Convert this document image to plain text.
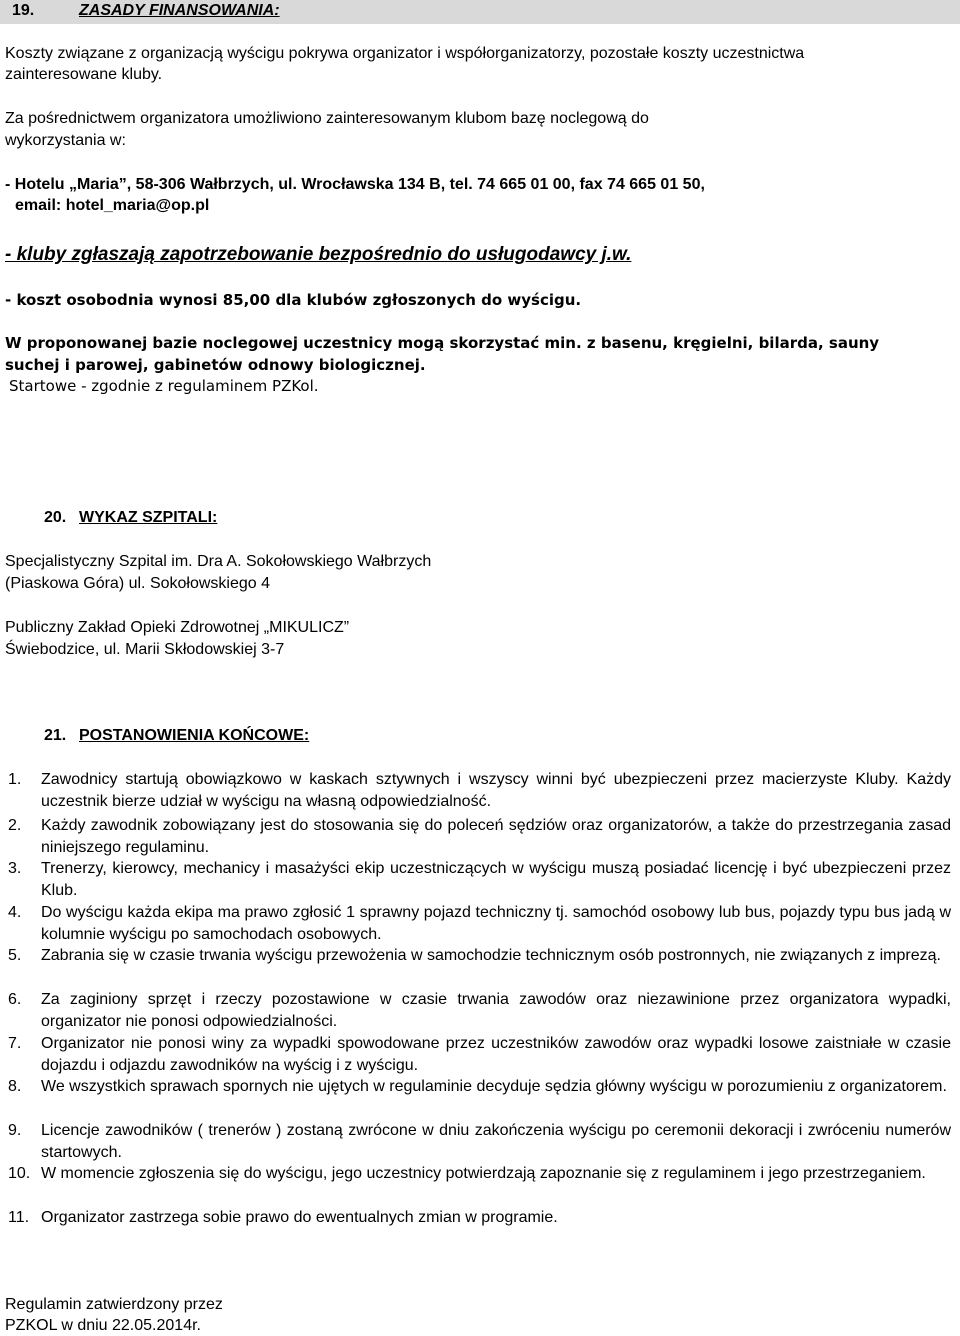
19.	ZASADY FINANSOWANIA:
Koszty związane z organizacją wyścigu pokrywa organizator i współorganizatorzy, pozostałe koszty uczestnictwa
zainteresowane kluby.
Za pośrednictwem organizatora umożliwiono zainteresowanym klubom bazę noclegową do
wykorzystania w:
- Hotelu „Maria”, 58-306 Wałbrzych, ul. Wrocławska 134 B, tel. 74 665 01 00, fax 74 665 01 50,
email: hotel_maria@op.pl
- kluby zgłaszają zapotrzebowanie bezpośrednio do usługodawcy j.w.
- koszt osobodnia wynosi 85,00 dla klubów zgłoszonych do wyścigu.
W proponowanej bazie noclegowej uczestnicy mogą skorzystać min. z basenu, kręgielni, bilarda, sauny
suchej i parowej, gabinetów odnowy biologicznej.
Startowe - zgodnie z regulaminem PZKol.
20. WYKAZ SZPITALI:
Specjalistyczny Szpital im. Dra A. Sokołowskiego Wałbrzych
(Piaskowa Góra) ul. Sokołowskiego 4
Publiczny Zakład Opieki Zdrowotnej „MIKULICZ”
Świebodzice, ul. Marii Skłodowskiej 3-7
21. POSTANOWIENIA KOŃCOWE:
1. Zawodnicy startują obowiązkowo w kaskach sztywnych i wszyscy winni być ubezpieczeni przez macierzyste Kluby. Każdy uczestnik bierze udział w wyścigu na własną odpowiedzialność.
2. Każdy zawodnik zobowiązany jest do stosowania się do poleceń sędziów oraz organizatorów, a także do przestrzegania zasad niniejszego regulaminu.
3. Trenerzy, kierowcy, mechanicy i masażyści ekip uczestniczących w wyścigu muszą posiadać licencję i być ubezpieczeni przez Klub.
4. Do wyścigu każda ekipa ma prawo zgłosić 1 sprawny pojazd techniczny tj. samochód osobowy lub bus, pojazdy typu bus jadą w kolumnie wyścigu po samochodach osobowych.
5. Zabrania się w czasie trwania wyścigu przewożenia w samochodzie technicznym osób postronnych, nie związanych z imprezą.
6. Za zaginiony sprzęt i rzeczy pozostawione w czasie trwania zawodów oraz niezawinione przez organizatora wypadki, organizator nie ponosi odpowiedzialności.
7. Organizator nie ponosi winy za wypadki spowodowane przez uczestników zawodów oraz wypadki losowe zaistniałe w czasie dojazdu i odjazdu zawodników na wyścig i z wyścigu.
8. We wszystkich sprawach spornych nie ujętych w regulaminie decyduje sędzia główny wyścigu w porozumieniu z organizatorem.
9. Licencje zawodników ( trenerów ) zostaną zwrócone w dniu zakończenia wyścigu po ceremonii dekoracji i zwróceniu numerów startowych.
10. W momencie zgłoszenia się do wyścigu, jego uczestnicy potwierdzają zapoznanie się z regulaminem i jego przestrzeganiem.
11. Organizator zastrzega sobie prawo do ewentualnych zmian w programie.
Regulamin zatwierdzony przez
PZKOL w dniu 22.05.2014r.
